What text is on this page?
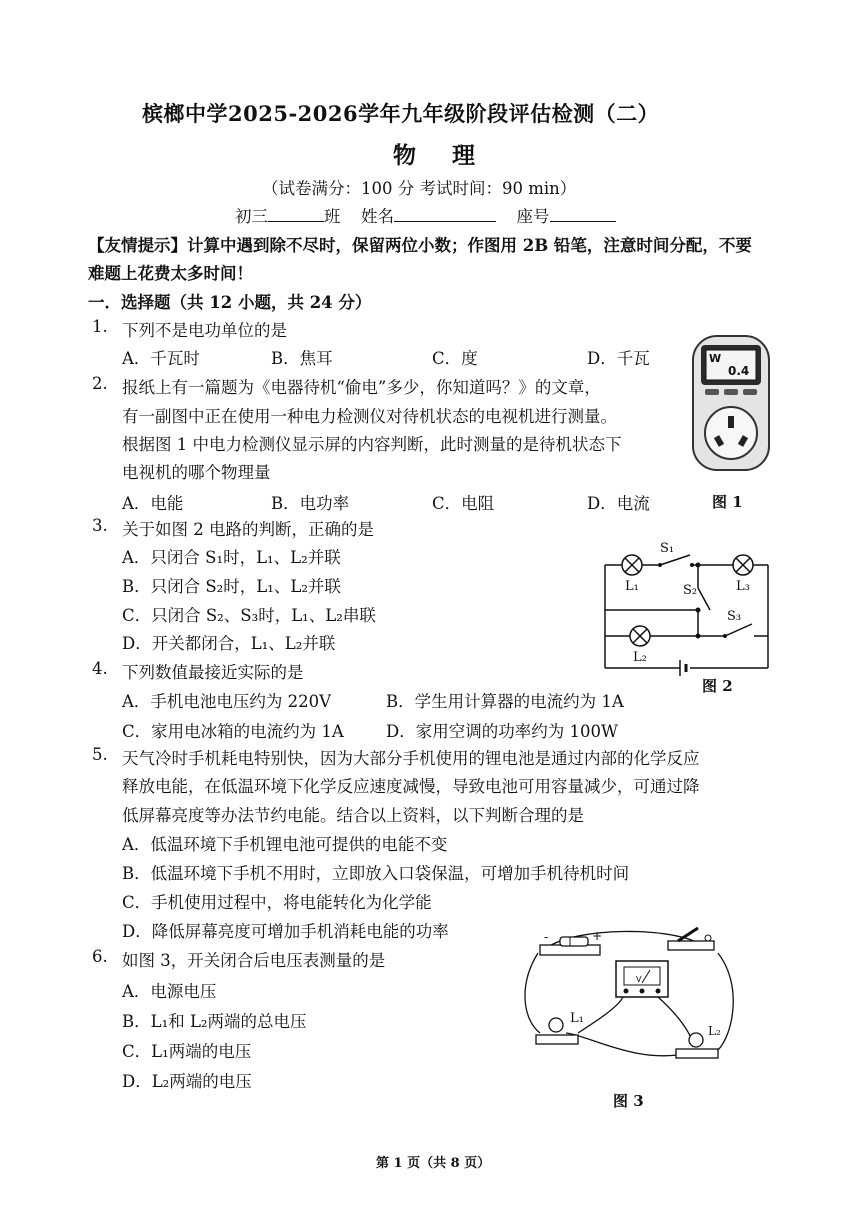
槟榔中学2025-2026学年九年级阶段评估检测（二）
物 理
（试卷满分：100 分 考试时间：90 min）
初三	班 姓名	座号
【友情提示】计算中遇到除不尽时，保留两位小数；作图用 2B 铅笔，注意时间分配，不要
难题上花费太多时间！
一．选择题（共 12 小题，共 24 分）
1. 下列不是电功单位的是
A．千瓦时	B．焦耳	C．度	D．千瓦
2. 报纸上有一篇题为《电器待机“偷电”多少，你知道吗？》的文章，
有一副图中正在使用一种电力检测仪对待机状态的电视机进行测量。
根据图 1 中电力检测仪显示屏的内容判断，此时测量的是待机状态下
电视机的哪个物理量
A．电能	B．电功率	C．电阻	D．电流
W
0.4
图 1
3. 关于如图 2 电路的判断，正确的是
A．只闭合 S₁时，L₁、L₂并联
B．只闭合 S₂时，L₁、L₂并联
C．只闭合 S₂、S₃时，L₁、L₂串联
D．开关都闭合，L₁、L₂并联
S₁
L₁	S₂	L₃
S₃
L₂
图 2
4. 下列数值最接近实际的是
A．手机电池电压约为 220V	B．学生用计算器的电流约为 1A
C．家用电冰箱的电流约为 1A	D．家用空调的功率约为 100W
5. 天气冷时手机耗电特别快，因为大部分手机使用的锂电池是通过内部的化学反应
释放电能，在低温环境下化学反应速度减慢，导致电池可用容量减少，可通过降
低屏幕亮度等办法节约电能。结合以上资料，以下判断合理的是
A．低温环境下手机锂电池可提供的电能不变
B．低温环境下手机不用时，立即放入口袋保温，可增加手机待机时间
C．手机使用过程中，将电能转化为化学能
D．降低屏幕亮度可增加手机消耗电能的功率
6. 如图 3，开关闭合后电压表测量的是
A．电源电压
B．L₁和 L₂两端的总电压
C．L₁两端的电压
D．L₂两端的电压
-	+
V
L₁
L₂
图 3
第 1 页（共 8 页）
